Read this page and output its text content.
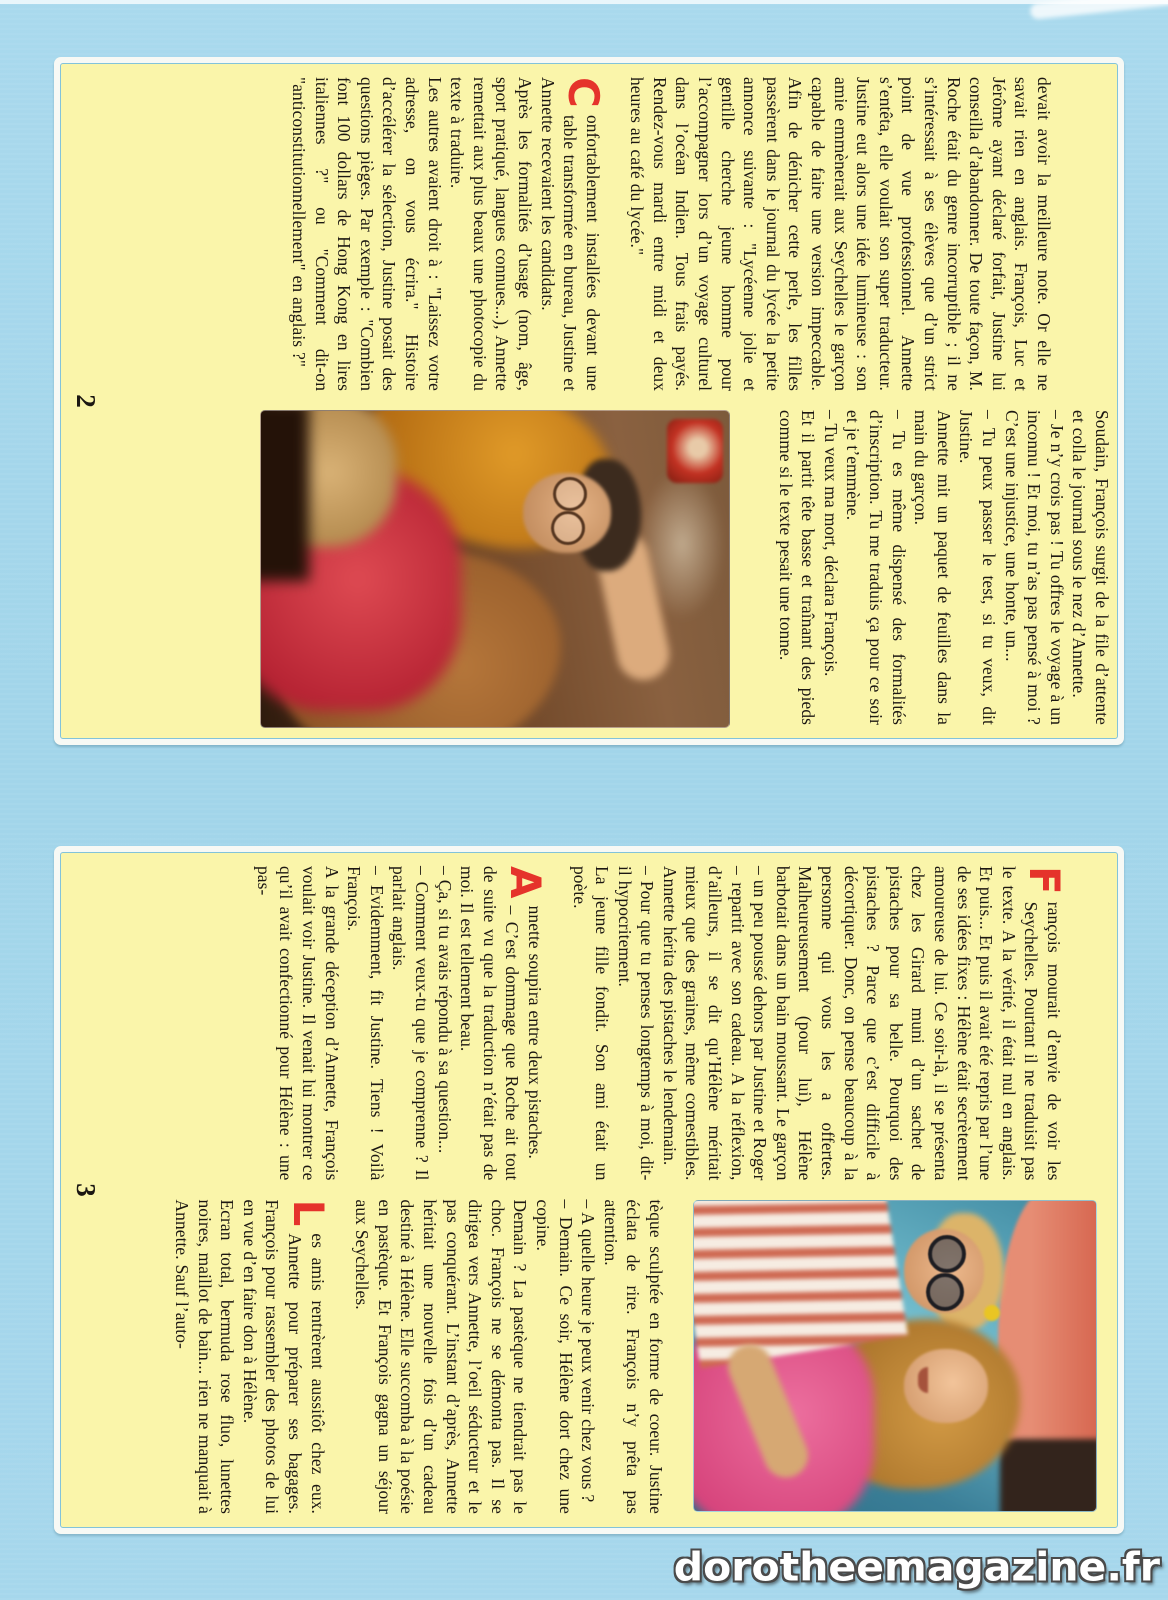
devait avoir la meilleure note. Or elle ne savait rien en anglais. François, Luc et Jérôme ayant déclaré forfait, Justine lui conseilla d’abandonner. De toute façon, M. Roche était du genre incorruptible ; il ne s’intéressait à ses élèves que d’un strict point de vue professionnel. Annette s’entêta, elle voulait son super traducteur. Justine eut alors une idée lumineuse : son amie emmènerait aux Seychelles le garçon capable de faire une version impeccable. Afin de dénicher cette perle, les filles passèrent dans le journal du lycée la petite annonce suivante : "Lycéenne jolie et gentille cherche jeune homme pour l’accompagner lors d’un voyage culturel dans l’océan Indien. Tous frais payés. Rendez-vous mardi entre midi et deux heures au café du lycée."

C
onfortablement installées devant une table transformée en bureau, Justine et Annette recevaient les candidats.

Après les formalités d’usage (nom, âge, sport pratiqué, langues connues...), Annette remettait aux plus beaux une photocopie du texte à traduire.

Les autres avaient droit à : "Laissez votre adresse, on vous écrira." Histoire d’accélérer la sélection, Justine posait des questions pièges. Par exemple : "Combien font 100 dollars de Hong Kong en lires italiennes ?" ou "Comment dit-on "anticonstitutionnellement" en anglais ?"

Soudain, François surgit de la file d’attente et colla le journal sous le nez d’Annette.

– Je n’y crois pas ! Tu offres le voyage à un inconnu ! Et moi, tu n’as pas pensé à moi ? C’est une injustice, une honte, un...

– Tu peux passer le test, si tu veux, dit Justine.

Annette mit un paquet de feuilles dans la main du garçon.

– Tu es même dispensé des formalités d’inscription. Tu me traduis ça pour ce soir et je t’emmène.

– Tu veux ma mort, déclara François.

Et il partit tête basse et traînant des pieds comme si le texte pesait une tonne.

2

F
rançois mourait d’envie de voir les Seychelles. Pourtant il ne traduisit pas le texte. A la vérité, il était nul en anglais. Et puis... Et puis il avait été repris par l’une de ses idées fixes : Hélène était secrètement amoureuse de lui. Ce soir-là, il se présenta chez les Girard muni d’un sachet de pistaches pour sa belle. Pourquoi des pistaches ? Parce que c’est difficile à décortiquer. Donc, on pense beaucoup à la personne qui vous les a offertes. Malheureusement (pour lui), Hélène barbotait dans un bain moussant. Le garçon – un peu poussé dehors par Justine et Roger – repartit avec son cadeau. A la réflexion, d’ailleurs, il se dit qu’Hélène méritait mieux que des graines, même comestibles. Annette hérita des pistaches le lendemain.

– Pour que tu penses longtemps à moi, dit-il hypocritement.

La jeune fille fondit. Son ami était un poète.

A
nnette soupira entre deux pistaches.

– C’est dommage que Roche ait tout de suite vu que la traduction n’était pas de moi. Il est tellement beau.

– Ça, si tu avais répondu à sa question...

– Comment veux-tu que je comprenne ? Il parlait anglais.

– Evidemment, fit Justine. Tiens ! Voilà François.

A la grande déception d’Annette, François voulait voir Justine. Il venait lui montrer ce qu’il avait confectionné pour Hélène : une pas-

tèque sculptée en forme de coeur. Justine éclata de rire. François n’y prêta pas attention.

– A quelle heure je peux venir chez vous ?

– Demain. Ce soir, Hélène dort chez une copine.

Demain ? La pastèque ne tiendrait pas le choc. François ne se démonta pas. Il se dirigea vers Annette, l’oeil séducteur et le pas conquérant. L’instant d’après, Annette héritait une nouvelle fois d’un cadeau destiné à Hélène. Elle succomba à la poésie en pastèque. Et François gagna un séjour aux Seychelles.

L
es amis rentrèrent aussitôt chez eux. Annette pour préparer ses bagages. François pour rassembler des photos de lui en vue d’en faire don à Hélène.

Ecran total, bermuda rose fluo, lunettes noires, maillot de bain... rien ne manquait à Annette. Sauf l’auto-

3
dorotheemagazine.fr
